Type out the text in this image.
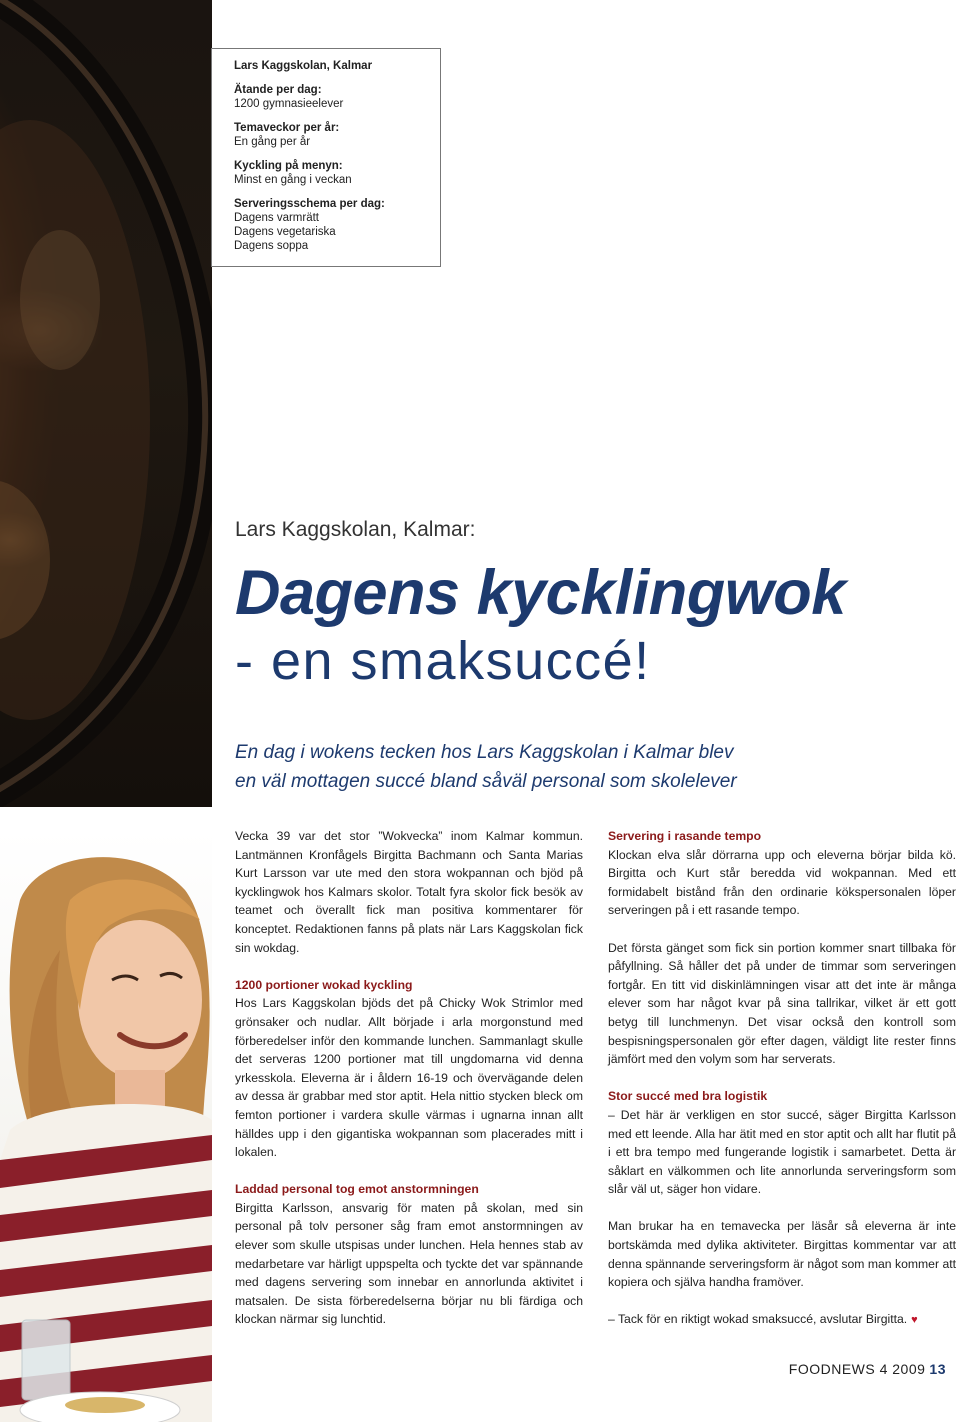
Lars Kaggskolan, Kalmar
Ätande per dag:
1200 gymnasieelever
Temaveckor per år:
En gång per år
Kyckling på menyn:
Minst en gång i veckan
Serveringsschema per dag:
Dagens varmrätt
Dagens vegetariska
Dagens soppa
Lars Kaggskolan, Kalmar:
Dagens kycklingwok
- en smaksuccé!
En dag i wokens tecken hos Lars Kaggskolan i Kalmar blev
en väl mottagen succé bland såväl personal som skolelever

Vecka 39 var det stor ”Wokvecka” inom Kalmar kommun. Lantmännen Kronfågels Birgitta Bachmann och Santa Marias Kurt Larsson var ute med den stora wokpannan och bjöd på kycklingwok hos Kalmars skolor. Totalt fyra skolor fick besök av teamet och överallt fick man positiva kommentarer för konceptet. Redaktionen fanns på plats när Lars Kaggskolan fick sin wokdag.

1200 portioner wokad kyckling
Hos Lars Kaggskolan bjöds det på Chicky Wok Strimlor med grönsaker och nudlar. Allt började i arla morgonstund med förberedelser inför den kommande lunchen. Sammanlagt skulle det serveras 1200 portioner mat till ungdomarna vid denna yrkesskola. Eleverna är i åldern 16-19 och övervägande delen av dessa är grabbar med stor aptit. Hela nittio stycken bleck om femton portioner i vardera skulle värmas i ugnarna innan allt hälldes upp i den gigantiska wokpannan som placerades mitt i lokalen.

Laddad personal tog emot anstormningen
Birgitta Karlsson, ansvarig för maten på skolan, med sin personal på tolv personer såg fram emot anstormningen av elever som skulle utspisas under lunchen. Hela hennes stab av medarbetare var härligt uppspelta och tyckte det var spännande med dagens servering som innebar en annorlunda aktivitet i matsalen. De sista förberedelserna börjar nu bli färdiga och klockan närmar sig lunchtid.

Servering i rasande tempo
Klockan elva slår dörrarna upp och eleverna börjar bilda kö. Birgitta och Kurt står beredda vid wokpannan. Med ett formidabelt bistånd från den ordinarie kökspersonalen löper serveringen på i ett rasande tempo.

Det första gänget som fick sin portion kommer snart tillbaka för påfyllning. Så håller det på under de timmar som serveringen fortgår. En titt vid diskinlämningen visar att det inte är många elever som har något kvar på sina tallrikar, vilket är ett gott betyg till lunchmenyn. Det visar också den kontroll som bespisningspersonalen gör efter dagen, väldigt lite rester finns jämfört med den volym som har serverats.

Stor succé med bra logistik
– Det här är verkligen en stor succé, säger Birgitta Karlsson med ett leende. Alla har ätit med en stor aptit och allt har flutit på i ett bra tempo med fungerande logistik i samarbetet. Detta är såklart en välkommen och lite annorlunda serveringsform som slår väl ut, säger hon vidare.

Man brukar ha en temavecka per läsår så eleverna är inte bortskämda med dylika aktiviteter. Birgittas kommentar var att denna spännande serveringsform är något som man kommer att kopiera och själva handha framöver.

– Tack för en riktigt wokad smaksuccé, avslutar Birgitta. ♥

FOODNEWS 4 2009 13
